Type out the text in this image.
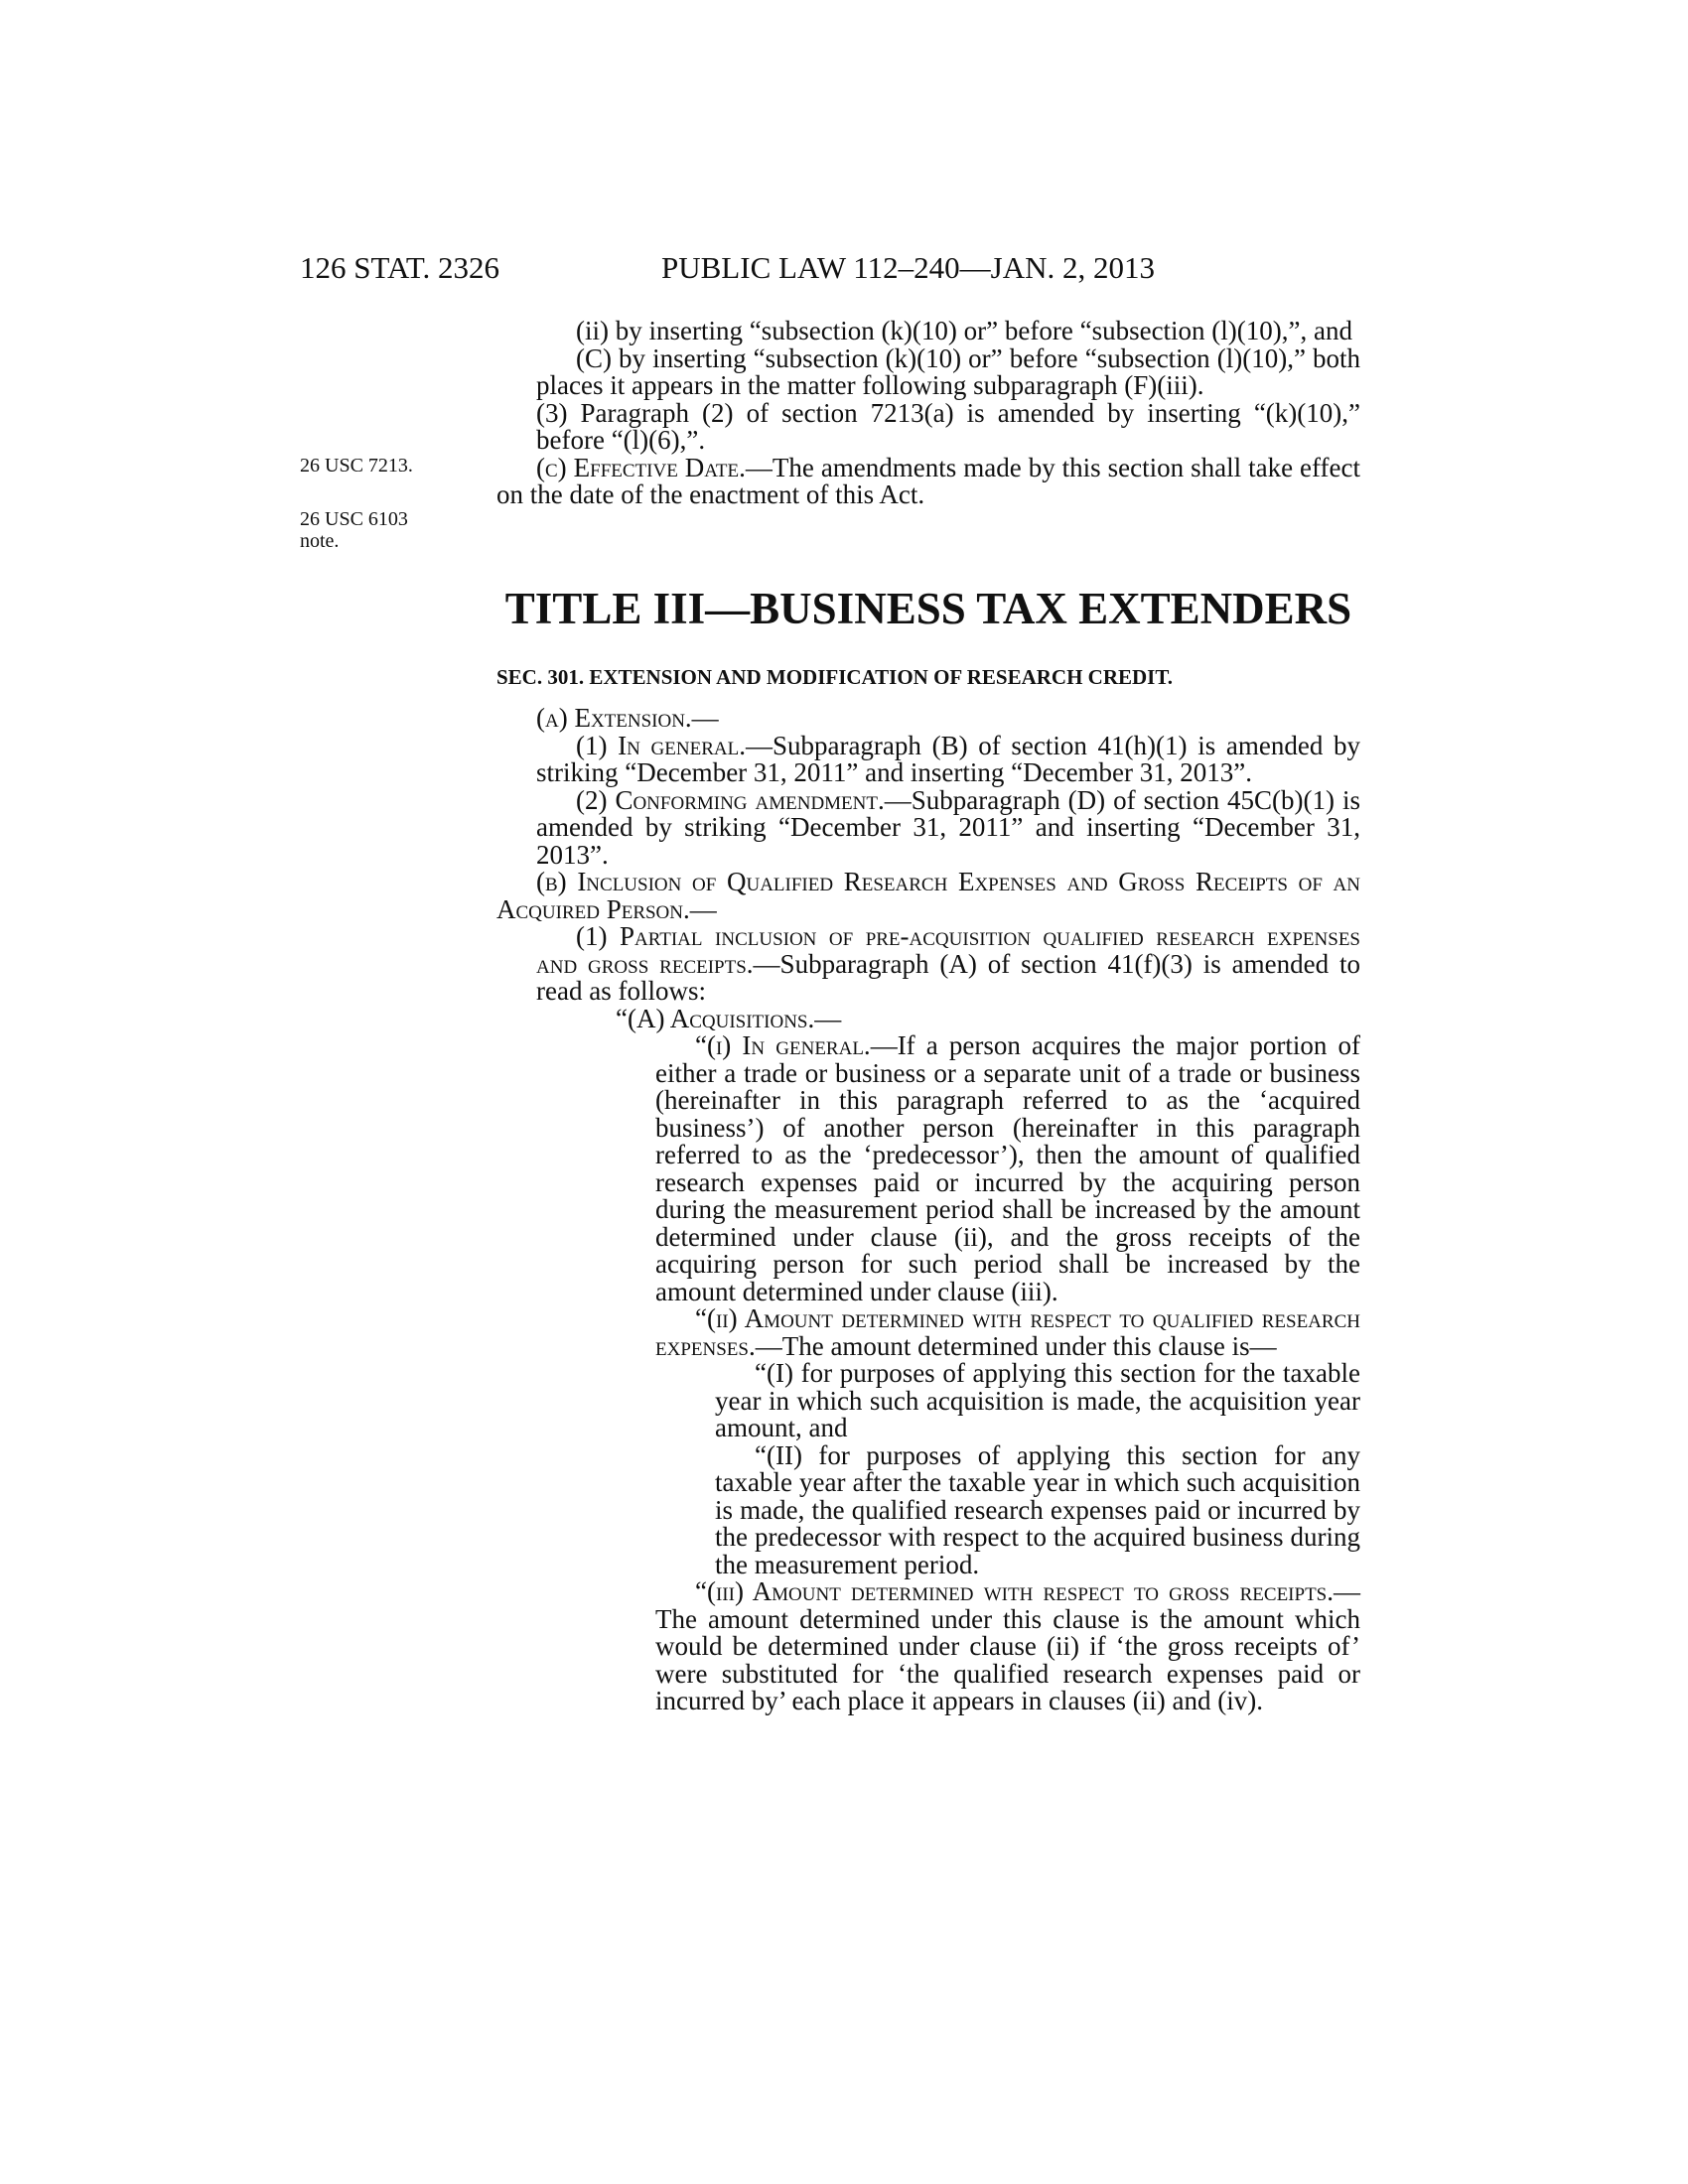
126 STAT. 2326	PUBLIC LAW 112–240—JAN. 2, 2013
26 USC 7213.
26 USC 6103
note.

(ii) by inserting “subsection (k)(10) or” before “subsection (l)(10),”, and

(C) by inserting “subsection (k)(10) or” before “subsection (l)(10),” both places it appears in the matter following subparagraph (F)(iii).

(3) Paragraph (2) of section 7213(a) is amended by inserting “(k)(10),” before “(l)(6),”.

(c) Effective Date.—The amendments made by this section shall take effect on the date of the enactment of this Act.

TITLE III—BUSINESS TAX EXTENDERS
SEC. 301. EXTENSION AND MODIFICATION OF RESEARCH CREDIT.

(a) Extension.—

(1) In general.—Subparagraph (B) of section 41(h)(1) is amended by striking “December 31, 2011” and inserting “December 31, 2013”.

(2) Conforming amendment.—Subparagraph (D) of section 45C(b)(1) is amended by striking “December 31, 2011” and inserting “December 31, 2013”.

(b) Inclusion of Qualified Research Expenses and Gross Receipts of an Acquired Person.—

(1) Partial inclusion of pre-acquisition qualified research expenses and gross receipts.—Subparagraph (A) of section 41(f)(3) is amended to read as follows:

“(A) Acquisitions.—

“(i) In general.—If a person acquires the major portion of either a trade or business or a separate unit of a trade or business (hereinafter in this paragraph referred to as the ‘acquired business’) of another person (hereinafter in this paragraph referred to as the ‘predecessor’), then the amount of qualified research expenses paid or incurred by the acquiring person during the measurement period shall be increased by the amount determined under clause (ii), and the gross receipts of the acquiring person for such period shall be increased by the amount determined under clause (iii).

“(ii) Amount determined with respect to qualified research expenses.—The amount determined under this clause is—

“(I) for purposes of applying this section for the taxable year in which such acquisition is made, the acquisition year amount, and

“(II) for purposes of applying this section for any taxable year after the taxable year in which such acquisition is made, the qualified research expenses paid or incurred by the predecessor with respect to the acquired business during the measurement period.

“(iii) Amount determined with respect to gross receipts.—The amount determined under this clause is the amount which would be determined under clause (ii) if ‘the gross receipts of’ were substituted for ‘the qualified research expenses paid or incurred by’ each place it appears in clauses (ii) and (iv).
